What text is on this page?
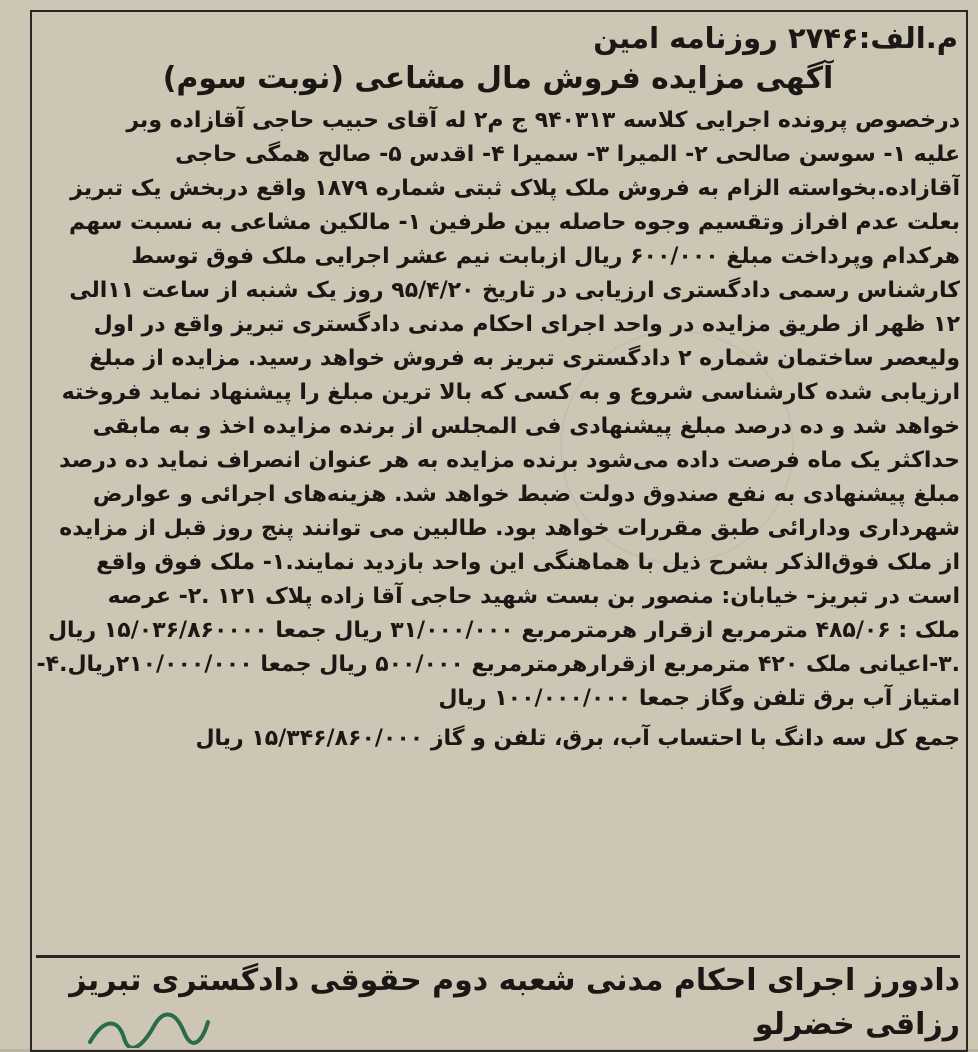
م.الف:۲۷۴۶ روزنامه امین
آگهی مزایده فروش مال مشاعی (نوبت سوم)
درخصوص پرونده اجرایی کلاسه ۹۴۰۳۱۳ ج م۲ له آقای حبیب حاجی آقازاده وبر
علیه ۱- سوسن صالحی ۲- المیرا ۳- سمیرا ۴- اقدس ۵- صالح همگی حاجی
آقازاده.بخواسته الزام به فروش ملک پلاک ثبتی شماره ۱۸۷۹ واقع دربخش یک تبریز
بعلت عدم افراز وتقسیم وجوه حاصله بین طرفین ۱- مالکین مشاعی به نسبت سهم
هرکدام وپرداخت مبلغ ۶۰۰/۰۰۰ ریال ازبابت نیم عشر اجرایی ملک فوق توسط
کارشناس رسمی دادگستری ارزیابی در تاریخ ۹۵/۴/۲۰ روز یک شنبه از ساعت ۱۱الی
۱۲ ظهر از طریق مزایده در واحد اجرای احکام مدنی دادگستری تبریز واقع در اول
ولیعصر ساختمان شماره ۲ دادگستری تبریز به فروش خواهد رسید. مزایده از مبلغ
ارزیابی شده کارشناسی شروع و به کسی که بالا ترین مبلغ را پیشنهاد نماید فروخته
خواهد شد و ده درصد مبلغ پیشنهادی فی المجلس از برنده مزایده اخذ و به مابقی
حداکثر یک ماه فرصت داده می‌شود برنده مزایده به هر عنوان انصراف نماید ده درصد
مبلغ پیشنهادی به نفع صندوق دولت ضبط خواهد شد. هزینه‌های اجرائی و عوارض
شهرداری ودارائی طبق مقررات خواهد بود. طالبین می توانند پنج روز قبل از مزایده
از ملک فوق‌الذکر بشرح ذیل با هماهنگی این واحد بازدید نمایند.۱- ملک فوق واقع
است در تبریز- خیابان: منصور بن بست شهید حاجی آقا زاده پلاک ۱۲۱ .۲- عرصه
ملک : ۴۸۵/۰۶ مترمربع ازقرار هرمترمربع ۳۱/۰۰۰/۰۰۰ ریال جمعا ۱۵/۰۳۶/۸۶۰۰۰۰ ریال
.۳-اعیانی ملک ۴۲۰ مترمربع ازقرارهرمترمربع ۵۰۰/۰۰۰ ریال جمعا ۲۱۰/۰۰۰/۰۰۰ریال.۴-
امتیاز آب برق تلفن وگاز جمعا ۱۰۰/۰۰۰/۰۰۰ ریال
جمع کل سه دانگ با احتساب آب، برق، تلفن و گاز ۱۵/۳۴۶/۸۶۰/۰۰۰ ریال
دادورز اجرای احکام مدنی شعبه دوم حقوقی دادگستری تبریز
رزاقی خضرلو
